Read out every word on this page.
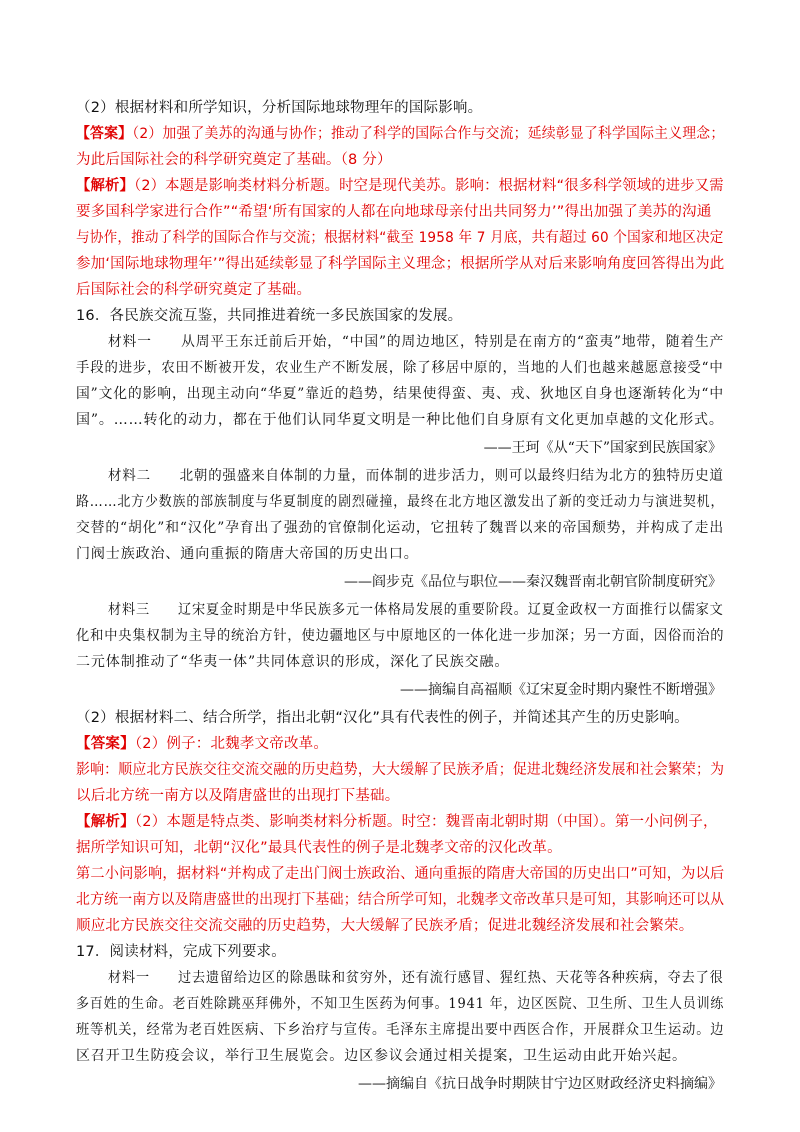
（2）根据材料和所学知识，分析国际地球物理年的国际影响。
【答案】（2）加强了美苏的沟通与协作；推动了科学的国际合作与交流；延续彰显了科学国际主义理念；
为此后国际社会的科学研究奠定了基础。（8 分）
【解析】（2）本题是影响类材料分析题。时空是现代美苏。影响：根据材料“很多科学领域的进步又需
要多国科学家进行合作”“希望‘所有国家的人都在向地球母亲付出共同努力’”得出加强了美苏的沟通
与协作，推动了科学的国际合作与交流；根据材料“截至 1958 年 7 月底，共有超过 60 个国家和地区决定
参加‘国际地球物理年’”得出延续彰显了科学国际主义理念；根据所学从对后来影响角度回答得出为此
后国际社会的科学研究奠定了基础。
16．各民族交流互鉴，共同推进着统一多民族国家的发展。
材料一　　从周平王东迁前后开始，“中国”的周边地区，特别是在南方的“蛮夷”地带，随着生产
手段的进步，农田不断被开发，农业生产不断发展，除了移居中原的，当地的人们也越来越愿意接受“中
国”文化的影响，出现主动向“华夏”靠近的趋势，结果使得蛮、夷、戎、狄地区自身也逐渐转化为“中
国”。……转化的动力，都在于他们认同华夏文明是一种比他们自身原有文化更加卓越的文化形式。
——王珂《从“天下”国家到民族国家》
材料二　　北朝的强盛来自体制的力量，而体制的进步活力，则可以最终归结为北方的独特历史道
路……北方少数族的部族制度与华夏制度的剧烈碰撞，最终在北方地区激发出了新的变迁动力与演进契机，
交替的“胡化”和“汉化”孕育出了强劲的官僚制化运动，它扭转了魏晋以来的帝国颓势，并构成了走出
门阀士族政治、通向重振的隋唐大帝国的历史出口。
——阎步克《品位与职位——秦汉魏晋南北朝官阶制度研究》
材料三　　辽宋夏金时期是中华民族多元一体格局发展的重要阶段。辽夏金政权一方面推行以儒家文
化和中央集权制为主导的统治方针，使边疆地区与中原地区的一体化进一步加深；另一方面，因俗而治的
二元体制推动了“华夷一体”共同体意识的形成，深化了民族交融。
——摘编自高福顺《辽宋夏金时期内聚性不断增强》
（2）根据材料二、结合所学，指出北朝“汉化”具有代表性的例子，并简述其产生的历史影响。
【答案】（2）例子：北魏孝文帝改革。
影响：顺应北方民族交往交流交融的历史趋势，大大缓解了民族矛盾；促进北魏经济发展和社会繁荣；为
以后北方统一南方以及隋唐盛世的出现打下基础。
【解析】（2）本题是特点类、影响类材料分析题。时空：魏晋南北朝时期（中国）。第一小问例子，
据所学知识可知，北朝“汉化”最具代表性的例子是北魏孝文帝的汉化改革。
第二小问影响，据材料“并构成了走出门阀士族政治、通向重振的隋唐大帝国的历史出口”可知，为以后
北方统一南方以及隋唐盛世的出现打下基础；结合所学可知，北魏孝文帝改革只是可知，其影响还可以从
顺应北方民族交往交流交融的历史趋势，大大缓解了民族矛盾；促进北魏经济发展和社会繁荣。
17．阅读材料，完成下列要求。
材料一　　过去遗留给边区的除愚昧和贫穷外，还有流行感冒、猩红热、天花等各种疾病，夺去了很
多百姓的生命。老百姓除跳巫拜佛外，不知卫生医药为何事。1941 年，边区医院、卫生所、卫生人员训练
班等机关，经常为老百姓医病、下乡治疗与宣传。毛泽东主席提出要中西医合作，开展群众卫生运动。边
区召开卫生防疫会议，举行卫生展览会。边区参议会通过相关提案，卫生运动由此开始兴起。
——摘编自《抗日战争时期陕甘宁边区财政经济史料摘编》
